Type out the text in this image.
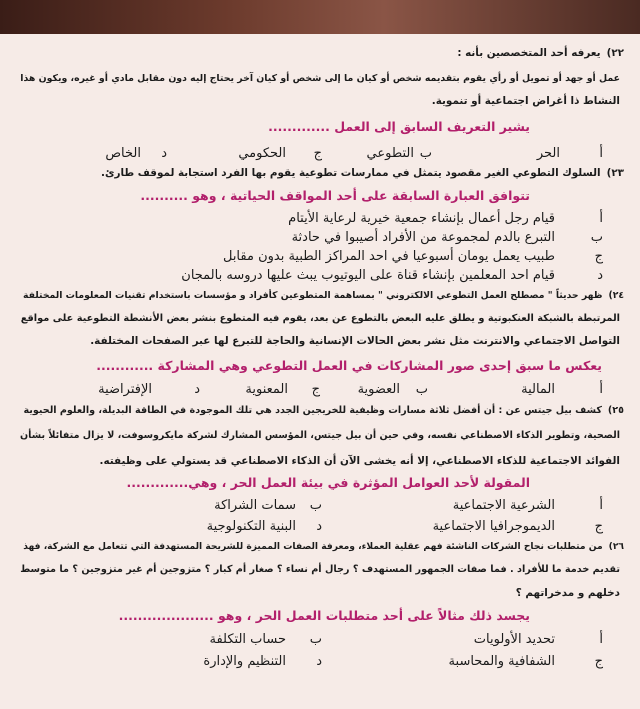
٢٢)يعرفه أحد المتخصصين بأنه :
عمل أو جهد أو تمويل أو رأي يقوم بتقديمه شخص أو كيان ما إلى شخص أو كيان آخر يحتاج إليه دون مقابل مادي أو غيره، ويكون هذا
النشاط ذا أغراض اجتماعية أو تنموية.
يشير التعريف السابق إلى العمل .............
أ
الحر
ب
التطوعي
ج
الحكومي
د
الخاص
٢٣)السلوك التطوعي الغير مقصود يتمثل في ممارسات تطوعية يقوم بها الفرد استجابة لموقف طارئ.
تتوافق العبارة السابقة على أحد المواقف الحياتية ، وهو ..........
أ
قيام رجل أعمال بإنشاء جمعية خيرية لرعاية الأيتام
ب
التبرع بالدم لمجموعة من الأفراد أصيبوا في حادثة
ج
طبيب يعمل يومان أسبوعيا في احد المراكز الطبية بدون مقابل
د
قيام احد المعلمين بإنشاء قناة على اليوتيوب يبث عليها دروسه بالمجان
٢٤)ظهر حديثاً " مصطلح العمل التطوعي الالكتروني " بمساهمة المتطوعين كأفراد و مؤسسات باستخدام تقنيات المعلومات المختلفة
المرتبطة بالشبكة العنكبوتية و يطلق عليه البعض بالتطوع عن بعد، يقوم فيه المتطوع بنشر بعض الأنشطة التطوعية على مواقع
التواصل الاجتماعي والانترنت مثل نشر بعض الحالات الإنسانية والحاجة للتبرع لها عبر الصفحات المختلفة.
يعكس ما سبق إحدى صور المشاركات في العمل التطوعي وهي المشاركة ............
أ
المالية
ب
العضوية
ج
المعنوية
د
الإفتراضية
٢٥)كشف بيل جيتس عن : أن أفضل ثلاثة مسارات وظيفية للخريجين الجدد هي تلك الموجودة في الطاقة البديلة، والعلوم الحيوية
الصحية، وتطوير الذكاء الاصطناعي نفسه، وفي حين أن بيل جيتس، المؤسس المشارك لشركة مايكروسوفت، لا يزال متفائلاً بشأن
الفوائد الاجتماعية للذكاء الاصطناعي، إلا أنه يخشى الآن أن الذكاء الاصطناعي قد يستولي على وظيفته.
المقولة لأحد العوامل المؤثرة في بيئة العمل الحر ، وهي.............
أ
الشرعية الاجتماعية
ب
سمات الشراكة
ج
الديموجرافيا الاجتماعية
د
البنية التكنولوجية
٢٦)من متطلبات نجاح الشركات الناشئة فهم عقلية العملاء، ومعرفة الصفات المميزة للشريحة المستهدفة التي تتعامل مع الشركة، فهذ
تقديم خدمة ما للأفراد . فما صفات الجمهور المستهدف ؟ رجال أم نساء ؟ صغار أم كبار ؟ متزوجين أم غير متزوجين ؟ ما متوسط
دخلهم و مدخراتهم ؟
يجسد ذلك مثالاً على أحد متطلبات العمل الحر ، وهو ....................
أ
تحديد الأولويات
ب
حساب التكلفة
ج
الشفافية والمحاسبة
د
التنظيم والإدارة
